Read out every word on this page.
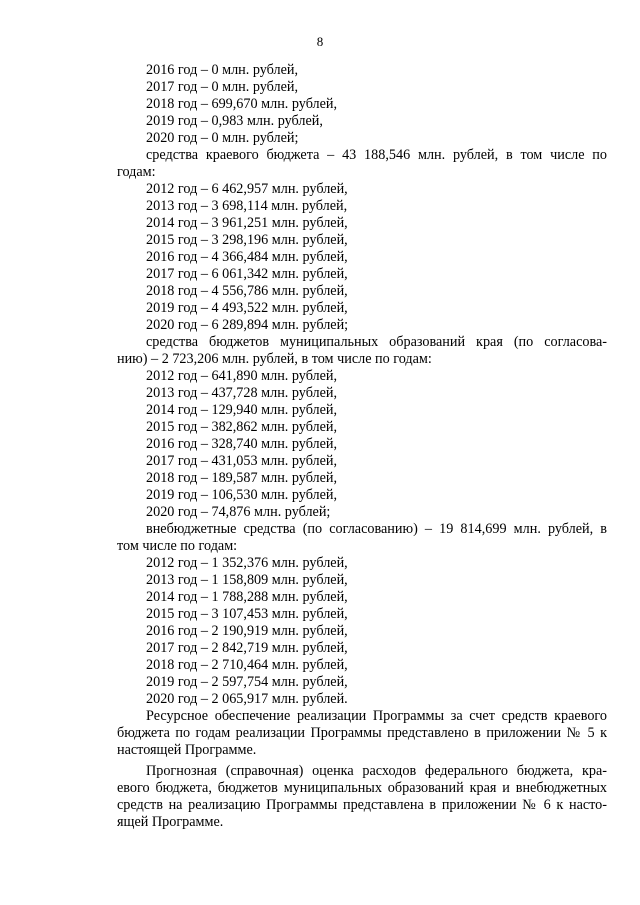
8
2016 год – 0 млн. рублей,
2017 год – 0 млн. рублей,
2018 год – 699,670 млн. рублей,
2019 год – 0,983 млн. рублей,
2020 год – 0 млн. рублей;
средства краевого бюджета – 43 188,546 млн. рублей, в том числе по
годам:
2012 год – 6 462,957 млн. рублей,
2013 год – 3 698,114 млн. рублей,
2014 год – 3 961,251 млн. рублей,
2015 год – 3 298,196 млн. рублей,
2016 год – 4 366,484 млн. рублей,
2017 год – 6 061,342 млн. рублей,
2018 год – 4 556,786 млн. рублей,
2019 год – 4 493,522 млн. рублей,
2020 год – 6 289,894 млн. рублей;
средства бюджетов муниципальных образований края (по согласова-
нию) – 2 723,206 млн. рублей, в том числе по годам:
2012 год – 641,890 млн. рублей,
2013 год – 437,728 млн. рублей,
2014 год – 129,940 млн. рублей,
2015 год – 382,862 млн. рублей,
2016 год – 328,740 млн. рублей,
2017 год – 431,053 млн. рублей,
2018 год – 189,587 млн. рублей,
2019 год – 106,530 млн. рублей,
2020 год – 74,876 млн. рублей;
внебюджетные средства (по согласованию) – 19 814,699 млн. рублей, в
том числе по годам:
2012 год – 1 352,376 млн. рублей,
2013 год – 1 158,809 млн. рублей,
2014 год – 1 788,288 млн. рублей,
2015 год – 3 107,453 млн. рублей,
2016 год – 2 190,919 млн. рублей,
2017 год – 2 842,719 млн. рублей,
2018 год – 2 710,464 млн. рублей,
2019 год – 2 597,754 млн. рублей,
2020 год – 2 065,917 млн. рублей.
Ресурсное обеспечение реализации Программы за счет средств краевого
бюджета по годам реализации Программы представлено в приложении № 5 к
настоящей Программе.
Прогнозная (справочная) оценка расходов федерального бюджета, кра-
евого бюджета, бюджетов муниципальных образований края и внебюджетных
средств на реализацию Программы представлена в приложении № 6 к насто-
ящей Программе.
